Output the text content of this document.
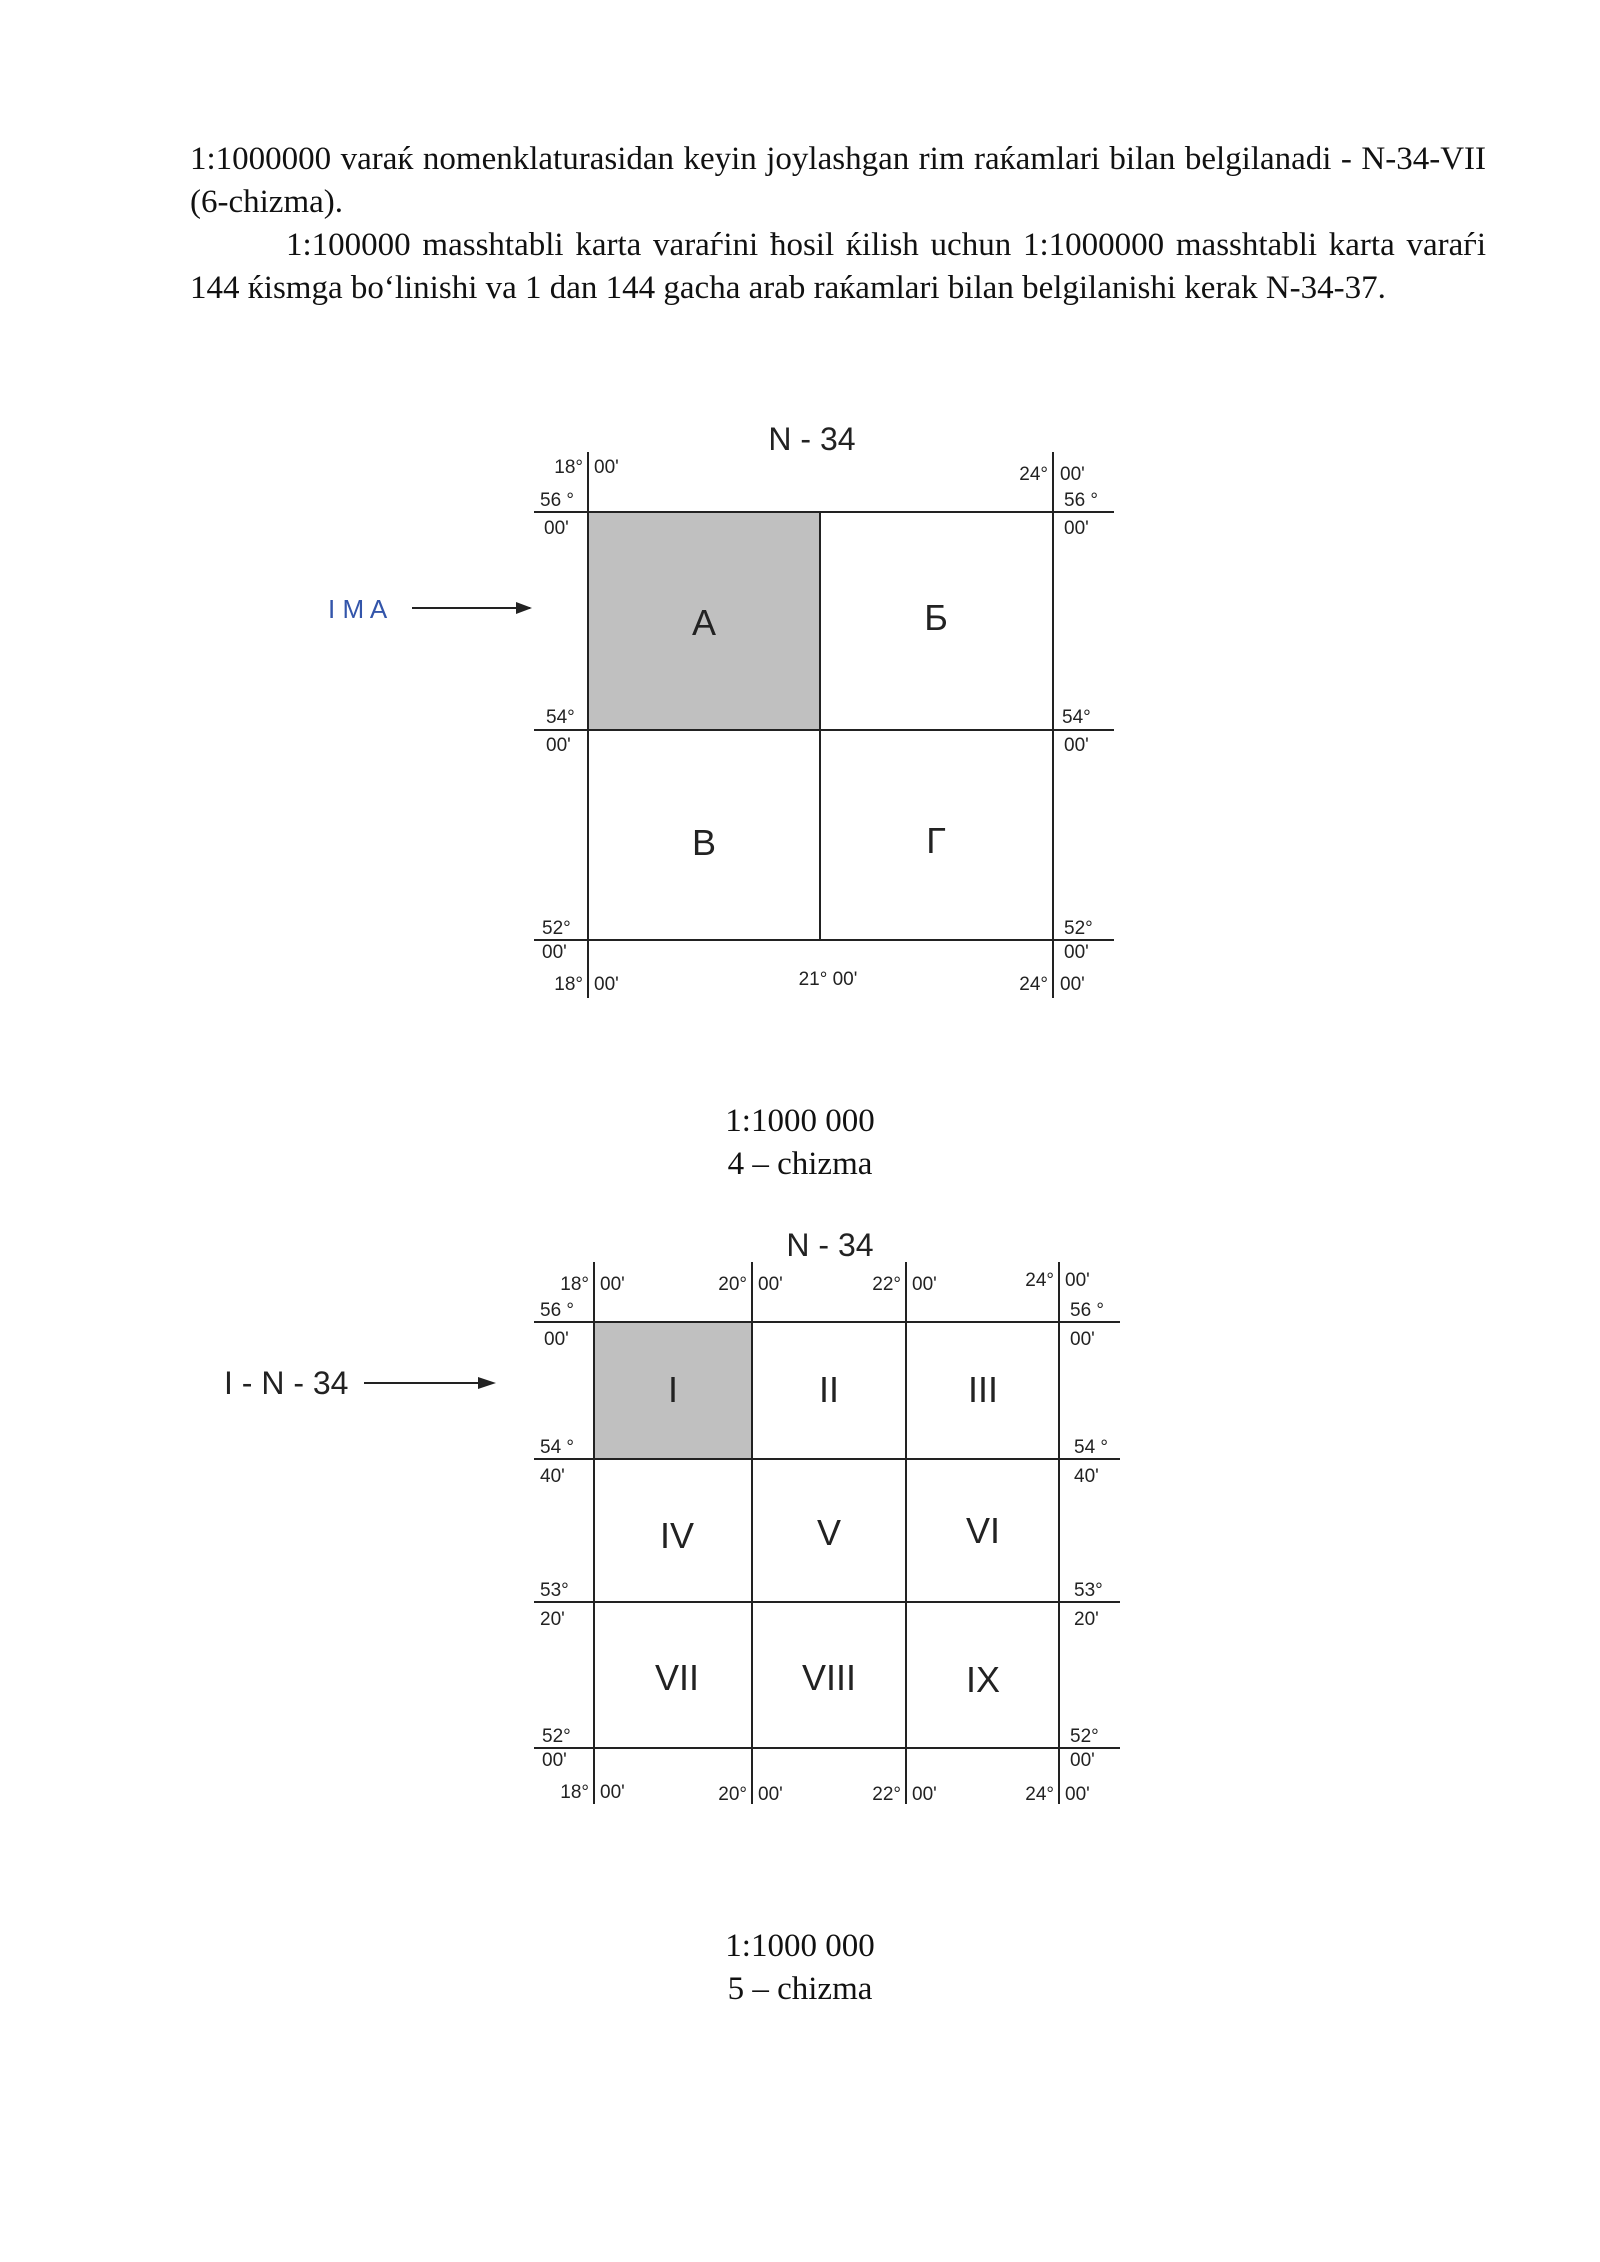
1:1000000 varaќ nomenklaturasidan keyin joylashgan rim raќamlari bilan belgilanadi - N-34-VII (6-chizma).

1:100000 masshtabli karta varaѓini ћosil ќilish uchun 1:1000000 masshtabli karta varaѓi 144 ќismga bo‘linishi va 1 dan 144 gacha arab raќamlari bilan belgilanishi kerak N-34-37.

N - 34
А	Б
В	Г
18° 00'	24° 00'
56 °
00'
54°
00'
52°
00'
56 °
00'
54°
00'
52°
00'
18° 00'	21° 00'	24° 00'
I M A
N - 34
I	II	III
IV	V	VI
VII	VIII	IX
18° 00'	20° 00'	22° 00'	24° 00'
56 °
00'
54 °
40'
53°
20'
52°
00'
56 °
00'
54 °
40'
53°
20'
52°
00'
18° 00'	20° 00'	22° 00'	24° 00'
I - N - 34
1:1000 000
4 – chizma
1:1000 000
5 – chizma
